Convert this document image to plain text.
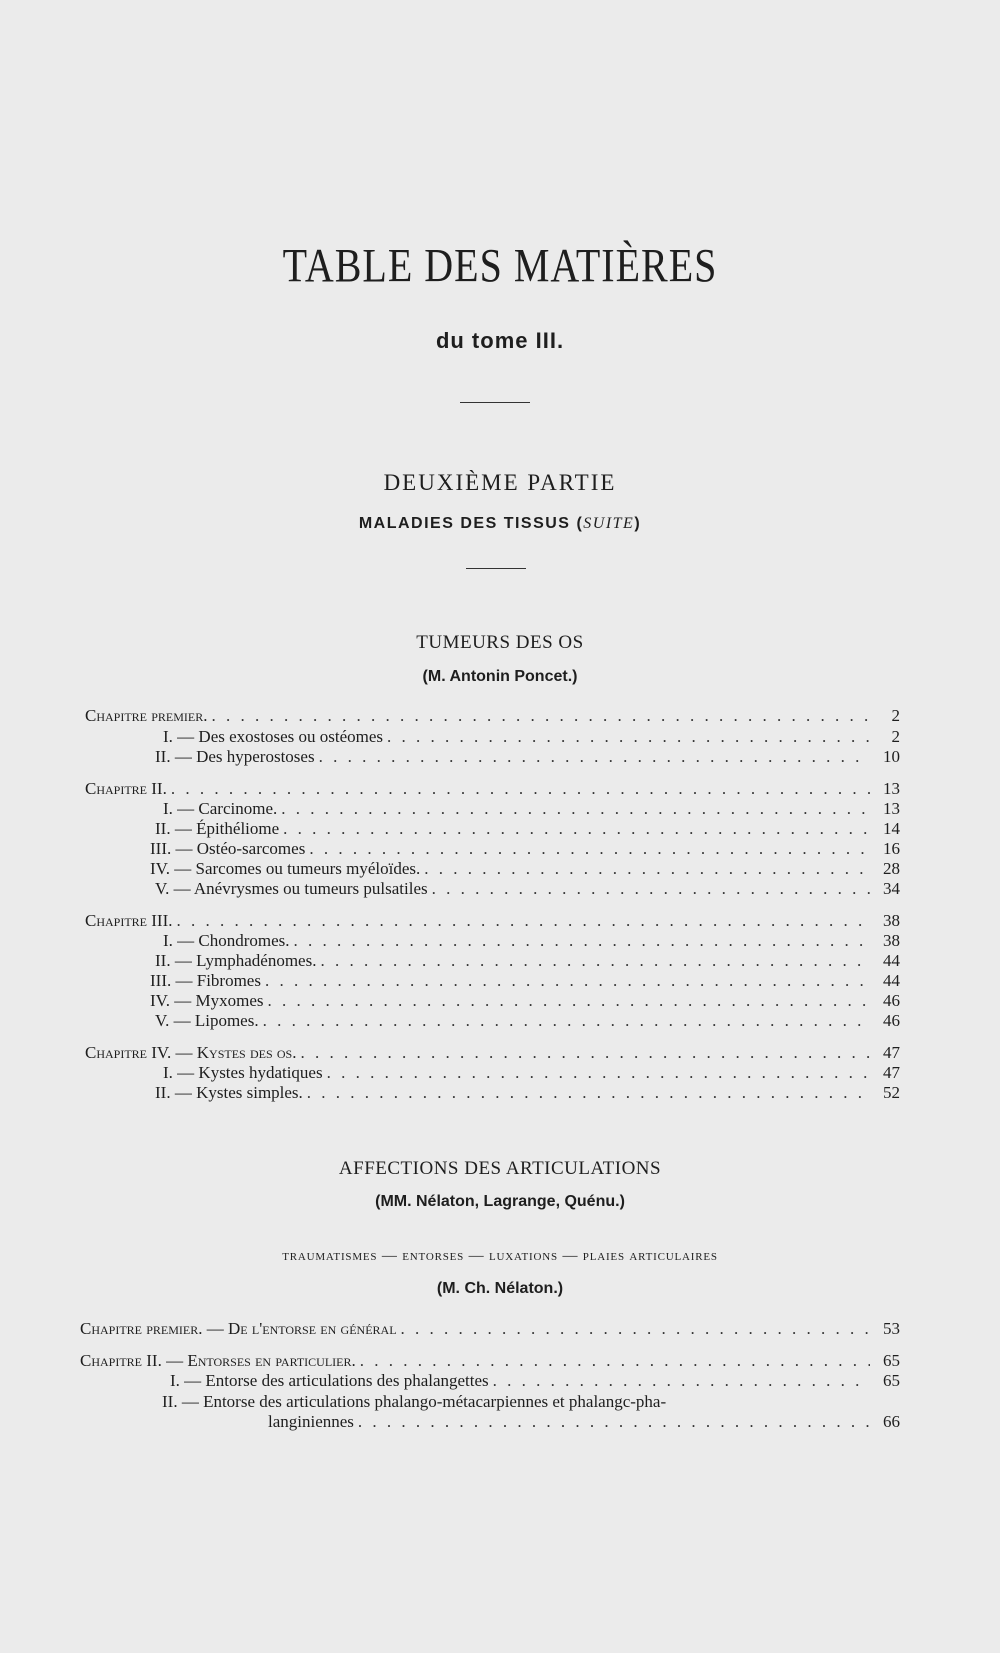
TABLE DES MATIÈRES
du tome III.
DEUXIÈME PARTIE
MALADIES DES TISSUS (SUITE)
TUMEURS DES OS
(M. Antonin Poncet.)
Chapitre premier. . . .	2
I. — Des exostoses ou ostéomes . . .	2
II. — Des hyperostoses . . .	10
Chapitre II. . . .	13
I. — Carcinome. . . .	13
II. — Épithéliome . . .	14
III. — Ostéo-sarcomes . . .	16
IV. — Sarcomes ou tumeurs myéloïdes. . . .	28
V. — Anévrysmes ou tumeurs pulsatiles . . .	34
Chapitre III. . . .	38
I. — Chondromes. . . .	38
II. — Lymphadénomes. . . .	44
III. — Fibromes . . .	44
IV. — Myxomes . . .	46
V. — Lipomes. . . .	46
Chapitre IV. — Kystes des os. . . .	47
I. — Kystes hydatiques . . .	47
II. — Kystes simples. . . .	52
AFFECTIONS DES ARTICULATIONS
(MM. Nélaton, Lagrange, Quénu.)
traumatismes — entorses — luxations — plaies articulaires
(M. Ch. Nélaton.)
Chapitre premier. — De l'entorse en général . . .	53
Chapitre II. — Entorses en particulier. . . .	65
I. — Entorse des articulations des phalangettes . . .	65
II. — Entorse des articulations phalango-métacarpiennes et phalangc-pha-
langiniennes . . .	66
